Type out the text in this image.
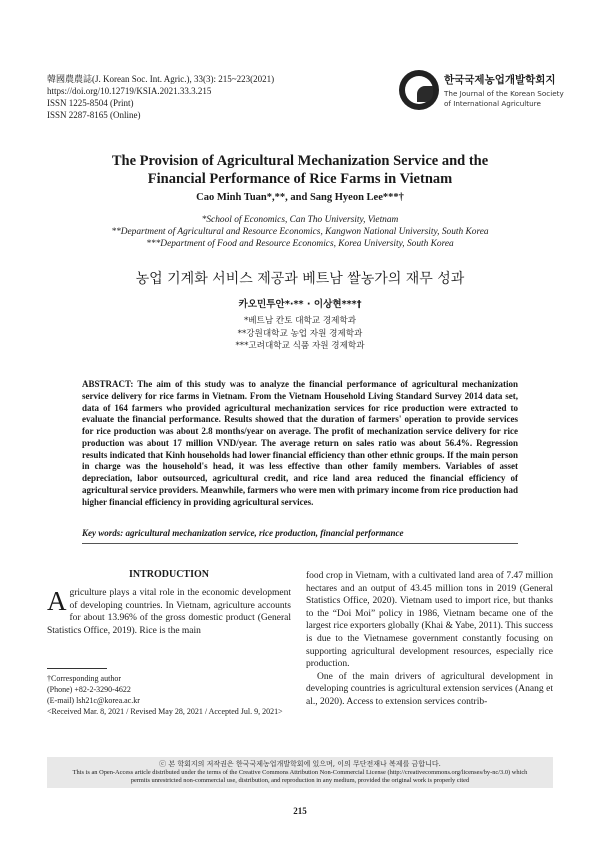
韓國農農誌(J. Korean Soc. Int. Agric.), 33(3): 215~223(2021)
https://doi.org/10.12719/KSIA.2021.33.3.215
ISSN 1225-8504 (Print)
ISSN 2287-8165 (Online)
한국국제농업개발학회지
The Journal of the Korean Society
of International Agriculture
The Provision of Agricultural Mechanization Service and the
Financial Performance of Rice Farms in Vietnam
Cao Minh Tuan*,**, and Sang Hyeon Lee***†
*School of Economics, Can Tho University, Vietnam
**Department of Agricultural and Resource Economics, Kangwon National University, South Korea
***Department of Food and Resource Economics, Korea University, South Korea
농업 기계화 서비스 제공과 베트남 쌀농가의 재무 성과
카오민투안*·** · 이상현***†
*베트남 칸토 대학교 경제학과
**강원대학교 농업 자원 경제학과
***고려대학교 식품 자원 경제학과
ABSTRACT: The aim of this study was to analyze the financial performance of agricultural mechanization service delivery for rice farms in Vietnam. From the Vietnam Household Living Standard Survey 2014 data set, data of 164 farmers who provided agricultural mechanization services for rice production were extracted to evaluate the financial performance. Results showed that the duration of farmers' operation to provide services for rice production was about 2.8 months/year on average. The profit of mechanization service delivery for rice production was about 17 million VND/year. The average return on sales ratio was about 56.4%. Regression results indicated that Kinh households had lower financial efficiency than other ethnic groups. If the main person in charge was the household's head, it was less effective than other family members. Variables of asset depreciation, labor outsourced, agricultural credit, and rice land area reduced the financial efficiency of agricultural service providers. Meanwhile, farmers who were men with primary income from rice production had higher financial efficiency in providing agricultural services.
Key words: agricultural mechanization service, rice production, financial performance
INTRODUCTION
Agriculture plays a vital role in the economic development of developing countries. In Vietnam, agriculture accounts for about 13.96% of the gross domestic product (General Statistics Office, 2019). Rice is the main

food crop in Vietnam, with a cultivated land area of 7.47 million hectares and an output of 43.45 million tons in 2019 (General Statistics Office, 2020). Vietnam used to import rice, but thanks to the “Doi Moi” policy in 1986, Vietnam became one of the largest rice exporters globally (Khai & Yabe, 2011). This success is due to the Vietnamese government constantly focusing on supporting agricultural development resources, especially rice production.

One of the main drivers of agricultural development in developing countries is agricultural extension services (Anang et al., 2020). Access to extension services contrib-

†Corresponding author
(Phone) +82-2-3290-4622
(E-mail) lsh21c@korea.ac.kr
<Received Mar. 8, 2021 / Revised May 28, 2021 / Accepted Jul. 9, 2021>
ⓒ 본 학회지의 저작권은 한국국제농업개발학회에 있으며, 이의 무단전재나 복제를 금합니다.
This is an Open-Access article distributed under the terms of the Creative Commons Attribution Non-Commercial License (http://creativecommons.org/licenses/by-nc/3.0) which
permits unrestricted non-commercial use, distribution, and reproduction in any medium, provided the original work is properly cited
215
